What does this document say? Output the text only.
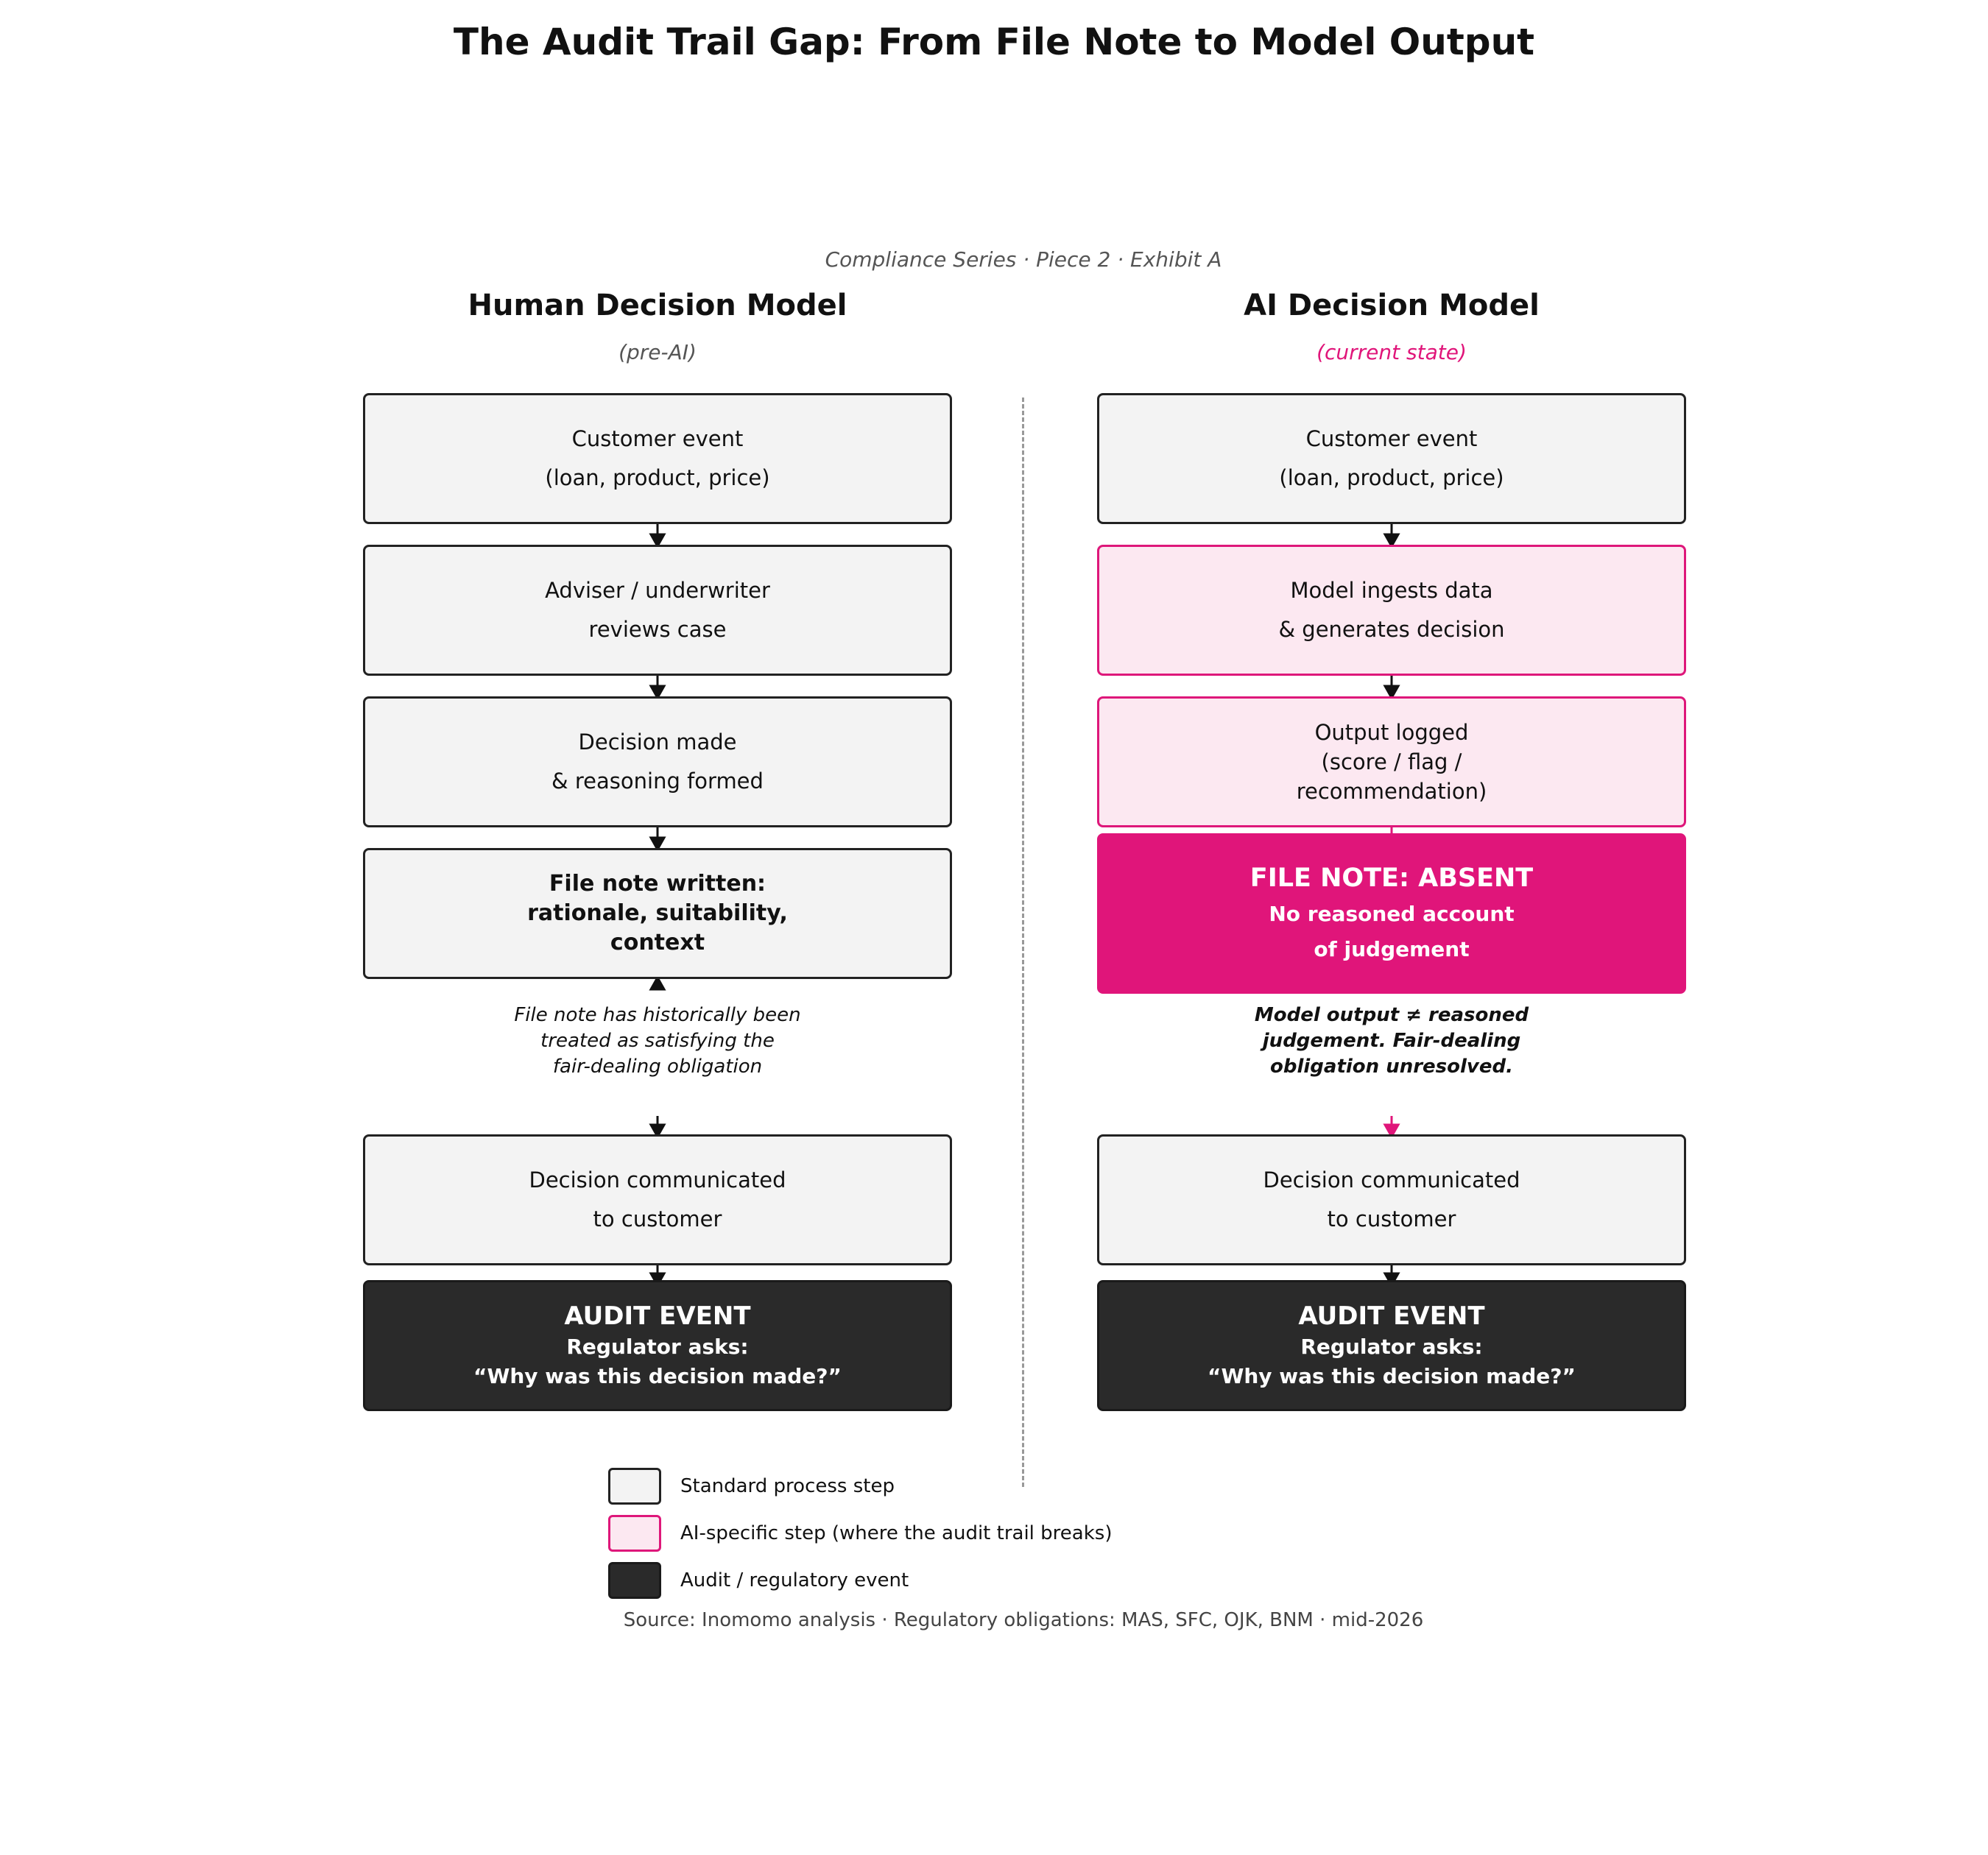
The Audit Trail Gap: From File Note to Model Output
Compliance Series · Piece 2 · Exhibit A
Human Decision Model
(pre-AI)
AI Decision Model
(current state)
Customer event
(loan, product, price)
Adviser / underwriter
reviews case
Decision made
& reasoning formed
File note written:
rationale, suitability,
context
File note has historically been
treated as satisfying the
fair-dealing obligation
Decision communicated
to customer
AUDIT EVENT
Regulator asks:
“Why was this decision made?”
Customer event
(loan, product, price)
Model ingests data
& generates decision
Output logged
(score / flag /
recommendation)
FILE NOTE: ABSENT
No reasoned account
of judgement
Model output ≠ reasoned
judgement. Fair-dealing
obligation unresolved.
Decision communicated
to customer
AUDIT EVENT
Regulator asks:
“Why was this decision made?”
Standard process step
AI-specific step (where the audit trail breaks)
Audit / regulatory event
Source: Inomomo analysis · Regulatory obligations: MAS, SFC, OJK, BNM · mid-2026
